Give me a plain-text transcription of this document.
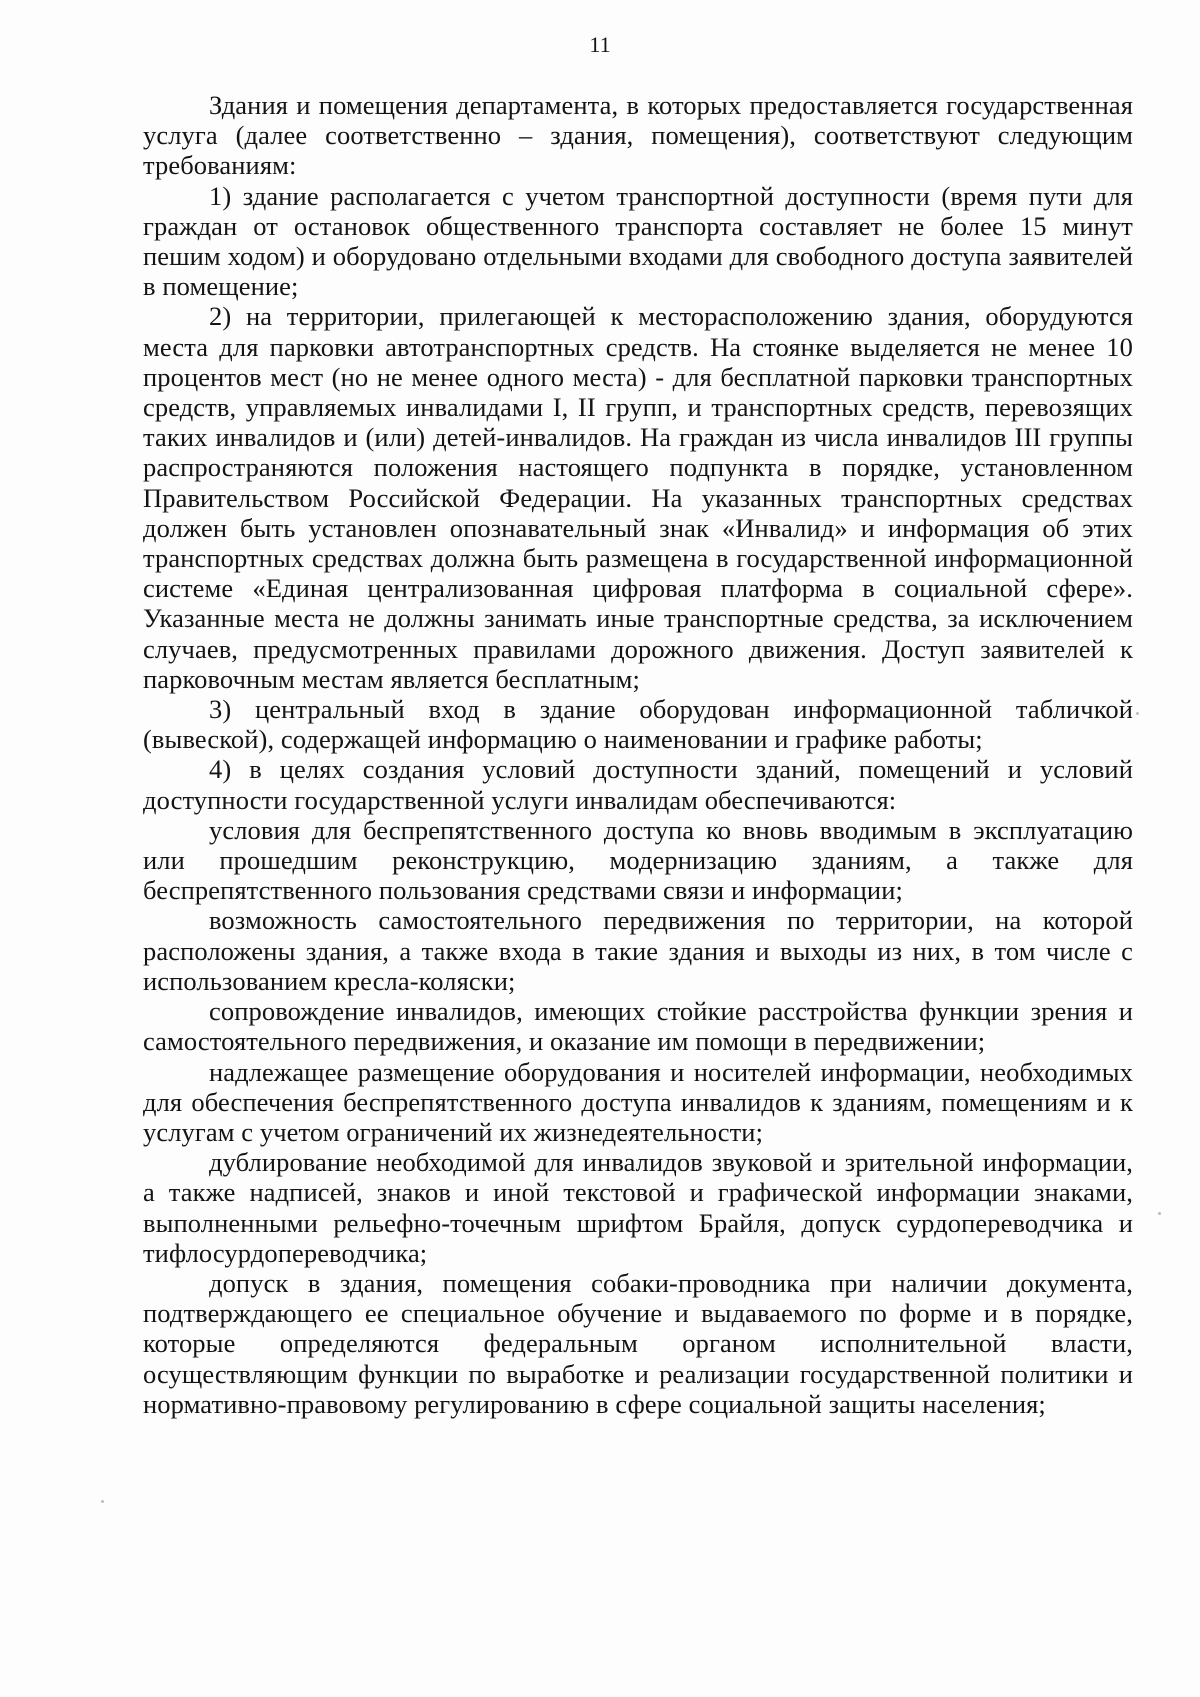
11

Здания и помещения департамента, в которых предоставляется государственная услуга (далее соответственно – здания, помещения), соответствуют следующим требованиям:

1) здание располагается с учетом транспортной доступности (время пути для граждан от остановок общественного транспорта составляет не более 15 минут пешим ходом) и оборудовано отдельными входами для свободного доступа заявителей в помещение;

2) на территории, прилегающей к месторасположению здания, оборудуются места для парковки автотранспортных средств. На стоянке выделяется не менее 10 процентов мест (но не менее одного места) - для бесплатной парковки транспортных средств, управляемых инвалидами I, II групп, и транспортных средств, перевозящих таких инвалидов и (или) детей-инвалидов. На граждан из числа инвалидов III группы распространяются положения настоящего подпункта в порядке, установленном Правительством Российской Федерации. На указанных транспортных средствах должен быть установлен опознавательный знак «Инвалид» и информация об этих транспортных средствах должна быть размещена в государственной информационной системе «Единая централизованная цифровая платформа в социальной сфере». Указанные места не должны занимать иные транспортные средства, за исключением случаев, предусмотренных правилами дорожного движения. Доступ заявителей к парковочным местам является бесплатным;

3) центральный вход в здание оборудован информационной табличкой (вывеской), содержащей информацию о наименовании и графике работы;

4) в целях создания условий доступности зданий, помещений и условий доступности государственной услуги инвалидам обеспечиваются:

условия для беспрепятственного доступа ко вновь вводимым в эксплуатацию или прошедшим реконструкцию, модернизацию зданиям, а также для беспрепятственного пользования средствами связи и информации;

возможность самостоятельного передвижения по территории, на которой расположены здания, а также входа в такие здания и выходы из них, в том числе с использованием кресла-коляски;

сопровождение инвалидов, имеющих стойкие расстройства функции зрения и самостоятельного передвижения, и оказание им помощи в передвижении;

надлежащее размещение оборудования и носителей информации, необходимых для обеспечения беспрепятственного доступа инвалидов к зданиям, помещениям и к услугам с учетом ограничений их жизнедеятельности;

дублирование необходимой для инвалидов звуковой и зрительной информации, а также надписей, знаков и иной текстовой и графической информации знаками, выполненными рельефно-точечным шрифтом Брайля, допуск сурдопереводчика и тифлосурдопереводчика;

допуск в здания, помещения собаки-проводника при наличии документа, подтверждающего ее специальное обучение и выдаваемого по форме и в порядке, которые определяются федеральным органом исполнительной власти, осуществляющим функции по выработке и реализации государственной политики и нормативно-правовому регулированию в сфере социальной защиты населения;
